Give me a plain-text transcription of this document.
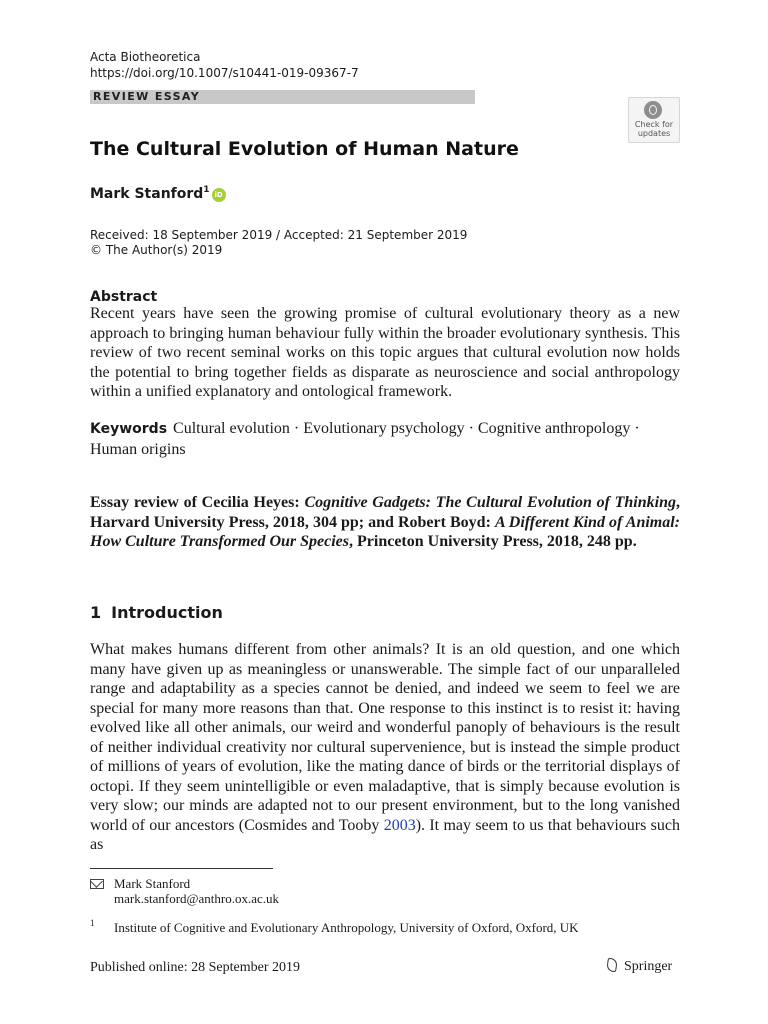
Acta Biotheoretica
https://doi.org/10.1007/s10441-019-09367-7
REVIEW ESSAY
Check for updates
The Cultural Evolution of Human Nature
Mark Stanford$^1$ iD
Received: 18 September 2019 / Accepted: 21 September 2019
© The Author(s) 2019
Abstract
Recent years have seen the growing promise of cultural evolutionary theory as a new approach to bringing human behaviour fully within the broader evolutionary synthesis. This review of two recent seminal works on this topic argues that cultural evolution now holds the potential to bring together fields as disparate as neuroscience and social anthropology within a unified explanatory and ontological framework.
Keywords Cultural evolution · Evolutionary psychology · Cognitive anthropology · Human origins
Essay review of Cecilia Heyes: Cognitive Gadgets: The Cultural Evolution of Thinking, Harvard University Press, 2018, 304 pp; and Robert Boyd: A Different Kind of Animal: How Culture Transformed Our Species, Princeton University Press, 2018, 248 pp.
1 Introduction
What makes humans different from other animals? It is an old question, and one which many have given up as meaningless or unanswerable. The simple fact of our unparalleled range and adaptability as a species cannot be denied, and indeed we seem to feel we are special for many more reasons than that. One response to this instinct is to resist it: having evolved like all other animals, our weird and wonderful panoply of behaviours is the result of neither individual creativity nor cultural supervenience, but is instead the simple product of millions of years of evolution, like the mating dance of birds or the territorial displays of octopi. If they seem unintelligible or even maladaptive, that is simply because evolution is very slow; our minds are adapted not to our present environment, but to the long vanished world of our ancestors (Cosmides and Tooby 2003). It may seem to us that behaviours such as
Mark Stanford
mark.stanford@anthro.ox.ac.uk
1 Institute of Cognitive and Evolutionary Anthropology, University of Oxford, Oxford, UK
Published online: 28 September 2019	Springer
